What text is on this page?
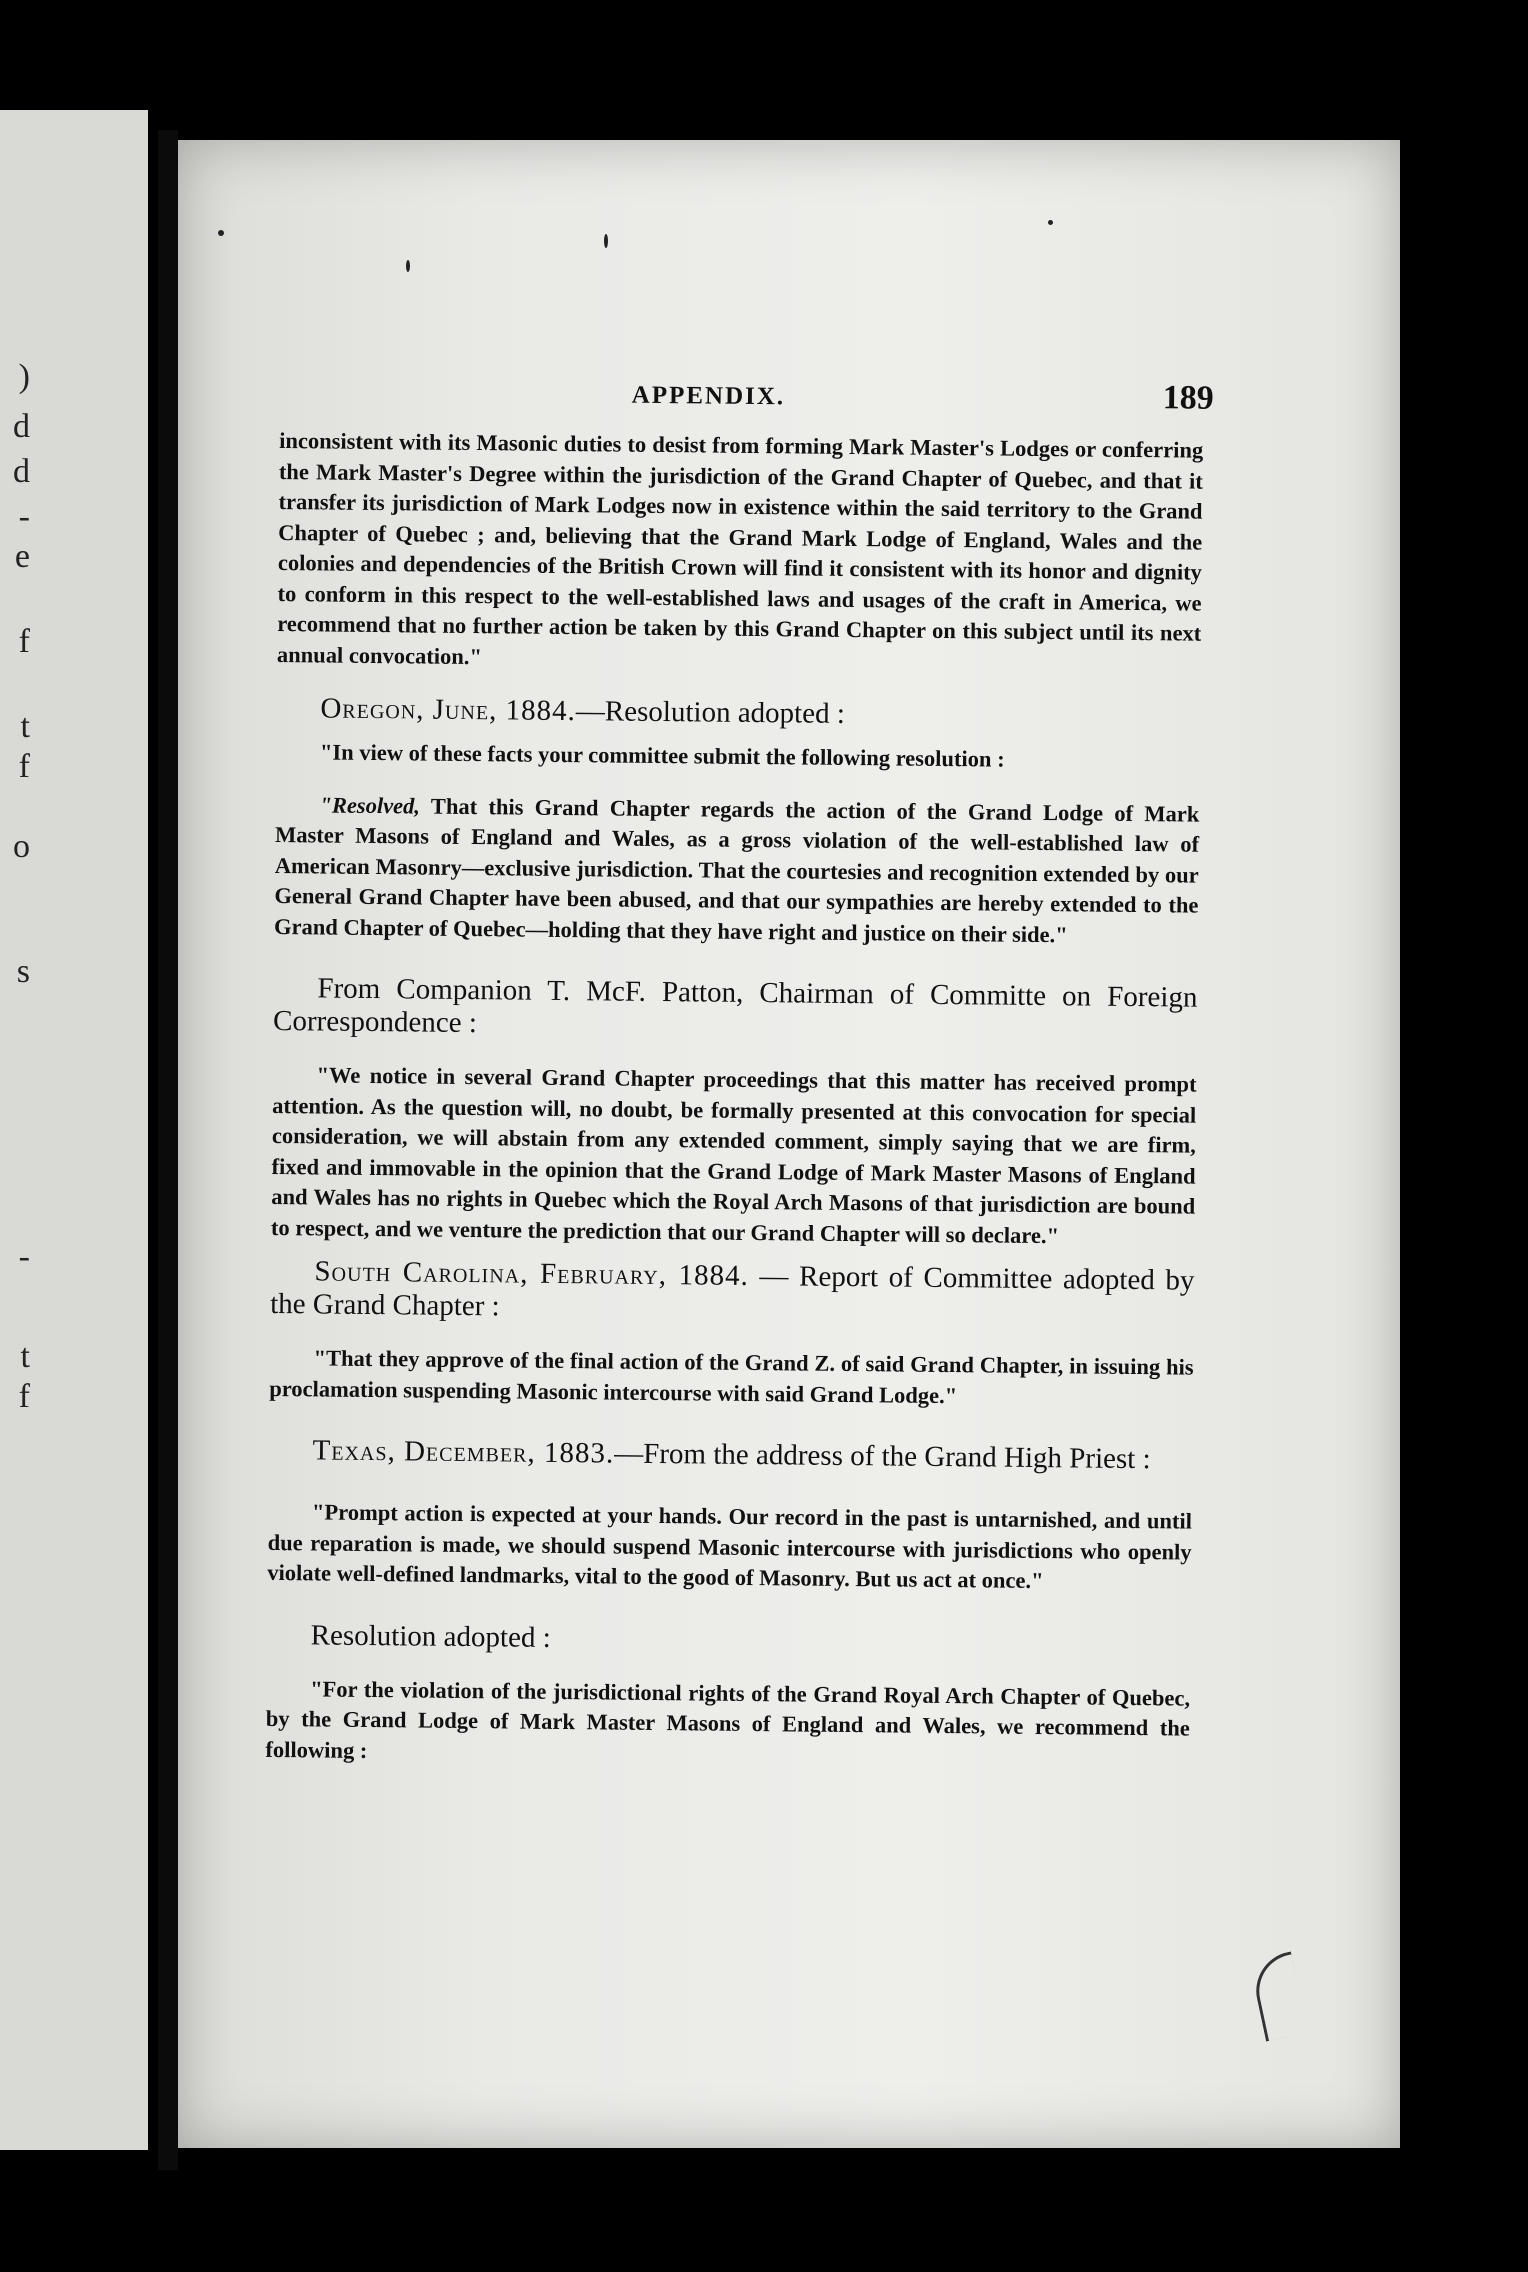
)
d
d
-
e
f
t
f
o
s
-
t
f
APPENDIX.	189

inconsistent with its Masonic duties to desist from forming Mark Master's Lodges or conferring the Mark Master's Degree within the jurisdiction of the Grand Chapter of Quebec, and that it transfer its jurisdiction of Mark Lodges now in existence within the said territory to the Grand Chapter of Quebec ; and, believing that the Grand Mark Lodge of England, Wales and the colonies and dependencies of the British Crown will find it consistent with its honor and dignity to conform in this respect to the well-established laws and usages of the craft in America, we recommend that no further action be taken by this Grand Chapter on this subject until its next annual convocation."

Oregon, June, 1884.—Resolution adopted :

"In view of these facts your committee submit the following resolution :

"Resolved, That this Grand Chapter regards the action of the Grand Lodge of Mark Master Masons of England and Wales, as a gross violation of the well-established law of American Masonry—exclusive jurisdiction. That the courtesies and recognition extended by our General Grand Chapter have been abused, and that our sympathies are hereby extended to the Grand Chapter of Quebec—holding that they have right and justice on their side."

From Companion T. McF. Patton, Chairman of Committe on Foreign Correspondence :

"We notice in several Grand Chapter proceedings that this matter has received prompt attention. As the question will, no doubt, be formally presented at this convocation for special consideration, we will abstain from any extended comment, simply saying that we are firm, fixed and immovable in the opinion that the Grand Lodge of Mark Master Masons of England and Wales has no rights in Quebec which the Royal Arch Masons of that jurisdiction are bound to respect, and we venture the prediction that our Grand Chapter will so declare."

South Carolina, February, 1884. — Report of Committee adopted by the Grand Chapter :

"That they approve of the final action of the Grand Z. of said Grand Chapter, in issuing his proclamation suspending Masonic intercourse with said Grand Lodge."

Texas, December, 1883.—From the address of the Grand High Priest :

"Prompt action is expected at your hands. Our record in the past is untarnished, and until due reparation is made, we should suspend Masonic intercourse with jurisdictions who openly violate well-defined landmarks, vital to the good of Masonry. But us act at once."

Resolution adopted :

"For the violation of the jurisdictional rights of the Grand Royal Arch Chapter of Quebec, by the Grand Lodge of Mark Master Masons of England and Wales, we recommend the following :
